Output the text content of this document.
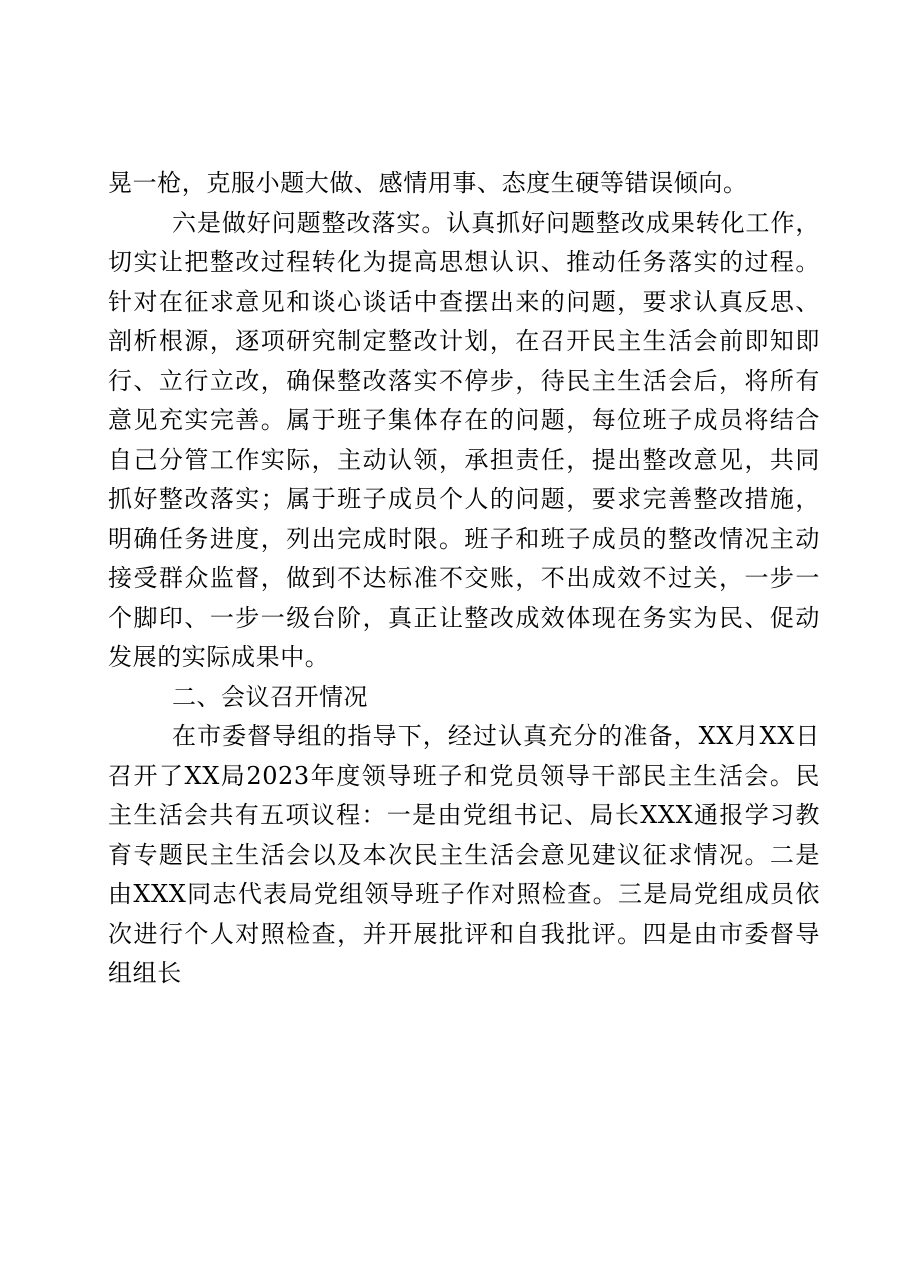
晃一枪，克服小题大做、感情用事、态度生硬等错误倾向。

六是做好问题整改落实。认真抓好问题整改成果转化工作，切实让把整改过程转化为提高思想认识、推动任务落实的过程。针对在征求意见和谈心谈话中查摆出来的问题，要求认真反思、剖析根源，逐项研究制定整改计划，在召开民主生活会前即知即行、立行立改，确保整改落实不停步，待民主生活会后，将所有意见充实完善。属于班子集体存在的问题，每位班子成员将结合自己分管工作实际，主动认领，承担责任，提出整改意见，共同抓好整改落实；属于班子成员个人的问题，要求完善整改措施，明确任务进度，列出完成时限。班子和班子成员的整改情况主动接受群众监督，做到不达标准不交账，不出成效不过关，一步一个脚印、一步一级台阶，真正让整改成效体现在务实为民、促动发展的实际成果中。

二、会议召开情况

在市委督导组的指导下，经过认真充分的准备，XX月XX日召开了XX局2023年度领导班子和党员领导干部民主生活会。民主生活会共有五项议程：一是由党组书记、局长XXX通报学习教育专题民主生活会以及本次民主生活会意见建议征求情况。二是由XXX同志代表局党组领导班子作对照检查。三是局党组成员依次进行个人对照检查，并开展批评和自我批评。四是由市委督导组组长
